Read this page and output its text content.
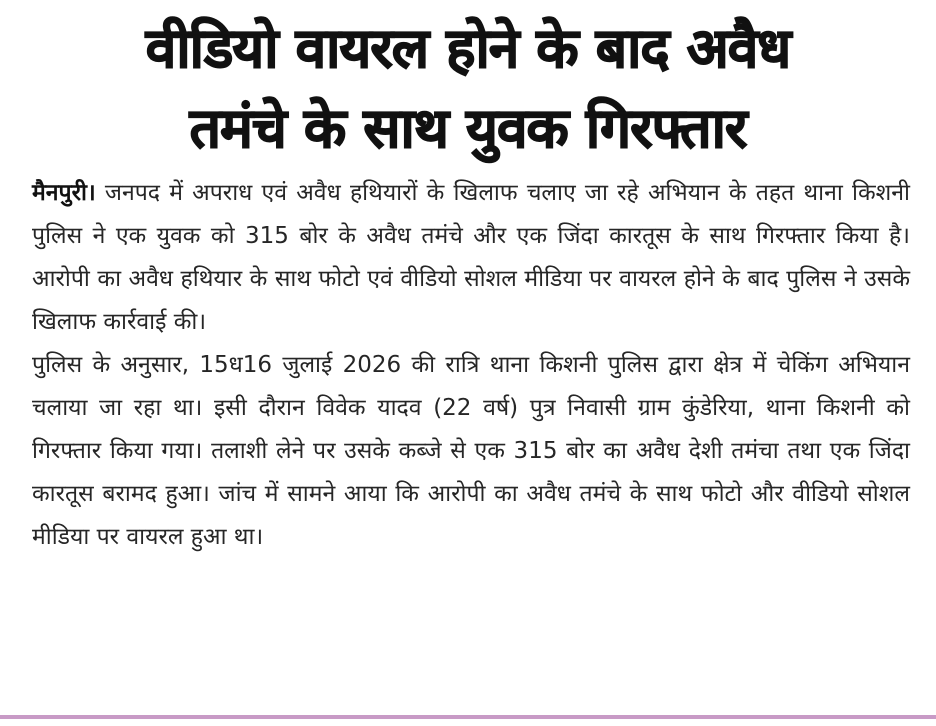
वीडियो वायरल होने के बाद अवैध
तमंचे के साथ युवक गिरफ्तार

मैनपुरी। जनपद में अपराध एवं अवैध हथियारों के खिलाफ चलाए जा रहे अभियान के तहत थाना किशनी पुलिस ने एक युवक को 315 बोर के अवैध तमंचे और एक जिंदा कारतूस के साथ गिरफ्तार किया है। आरोपी का अवैध हथियार के साथ फोटो एवं वीडियो सोशल मीडिया पर वायरल होने के बाद पुलिस ने उसके खिलाफ कार्रवाई की।

पुलिस के अनुसार, 15ध16 जुलाई 2026 की रात्रि थाना किशनी पुलिस द्वारा क्षेत्र में चेकिंग अभियान चलाया जा रहा था। इसी दौरान विवेक यादव (22 वर्ष) पुत्र निवासी ग्राम कुंडेरिया, थाना किशनी को गिरफ्तार किया गया। तलाशी लेने पर उसके कब्जे से एक 315 बोर का अवैध देशी तमंचा तथा एक जिंदा कारतूस बरामद हुआ। जांच में सामने आया कि आरोपी का अवैध तमंचे के साथ फोटो और वीडियो सोशल मीडिया पर वायरल हुआ था।
